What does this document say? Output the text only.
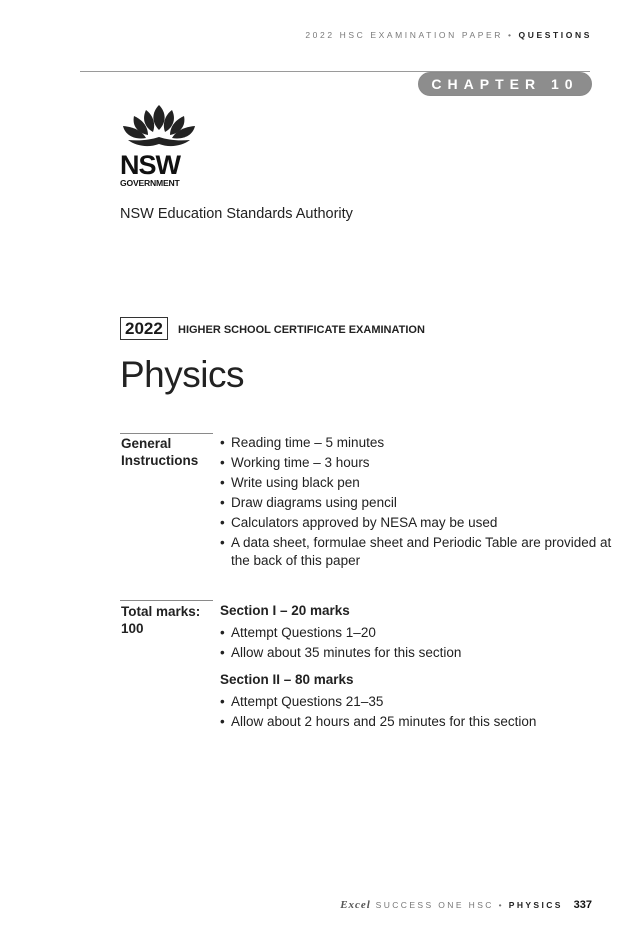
2022 HSC EXAMINATION PAPER • QUESTIONS
CHAPTER 10
NSW
GOVERNMENT
NSW Education Standards Authority
2022	HIGHER SCHOOL CERTIFICATE EXAMINATION
Physics
General
Instructions
• Reading time – 5 minutes
• Working time – 3 hours
• Write using black pen
• Draw diagrams using pencil
• Calculators approved by NESA may be used
• A data sheet, formulae sheet and Periodic Table are provided at
the back of this paper
Total marks:
100
Section I – 20 marks
• Attempt Questions 1–20
• Allow about 35 minutes for this section
Section II – 80 marks
• Attempt Questions 21–35
• Allow about 2 hours and 25 minutes for this section
Excel SUCCESS ONE HSC • PHYSICS 337
